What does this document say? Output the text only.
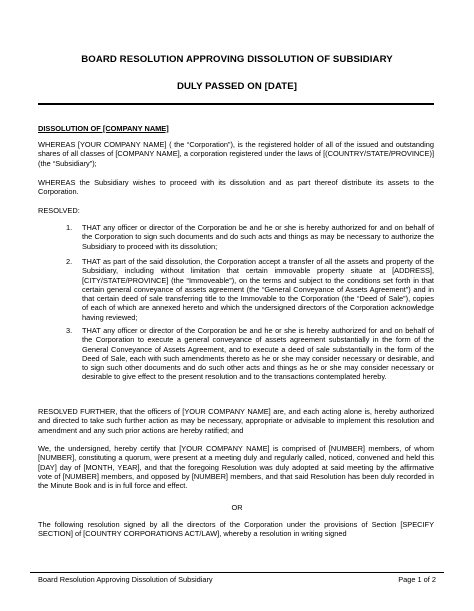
BOARD RESOLUTION APPROVING DISSOLUTION OF SUBSIDIARY
DULY PASSED ON [DATE]
DISSOLUTION OF [COMPANY NAME]

WHEREAS [YOUR COMPANY NAME] ( the “Corporation”), is the registered holder of all of the issued and outstanding shares of all classes of [COMPANY NAME], a corporation registered under the laws of [(COUNTRY/STATE/PROVINCE)] (the “Subsidiary”);

WHEREAS the Subsidiary wishes to proceed with its dissolution and as part thereof distribute its assets to the Corporation.

RESOLVED:
1. THAT any officer or director of the Corporation be and he or she is hereby authorized for and on behalf of the Corporation to sign such documents and do such acts and things as may be necessary to authorize the Subsidiary to proceed with its dissolution;
2. THAT as part of the said dissolution, the Corporation accept a transfer of all the assets and property of the Subsidiary, including without limitation that certain immovable property situate at [ADDRESS], [CITY/STATE/PROVINCE] (the “Immoveable”), on the terms and subject to the conditions set forth in that certain general conveyance of assets agreement (the “General Conveyance of Assets Agreement”) and in that certain deed of sale transferring title to the Immovable to the Corporation (the “Deed of Sale”), copies of each of which are annexed hereto and which the undersigned directors of the Corporation acknowledge having reviewed;
3. THAT any officer or director of the Corporation be and he or she is hereby authorized for and on behalf of the Corporation to execute a general conveyance of assets agreement substantially in the form of the General Conveyance of Assets Agreement, and to execute a deed of sale substantially in the form of the Deed of Sale, each with such amendments thereto as he or she may consider necessary or desirable, and to sign such other documents and do such other acts and things as he or she may consider necessary or desirable to give effect to the present resolution and to the transactions contemplated hereby.

RESOLVED FURTHER, that the officers of [YOUR COMPANY NAME] are, and each acting alone is, hereby authorized and directed to take such further action as may be necessary, appropriate or advisable to implement this resolution and amendment and any such prior actions are hereby ratified; and

We, the undersigned, hereby certify that [YOUR COMPANY NAME] is comprised of [NUMBER] members, of whom [NUMBER], constituting a quorum, were present at a meeting duly and regularly called, noticed, convened and held this [DAY] day of [MONTH, YEAR], and that the foregoing Resolution was duly adopted at said meeting by the affirmative vote of [NUMBER] members, and opposed by [NUMBER] members, and that said Resolution has been duly recorded in the Minute Book and is in full force and effect.

OR

The following resolution signed by all the directors of the Corporation under the provisions of Section [SPECIFY SECTION] of [COUNTRY CORPORATIONS ACT/LAW], whereby a resolution in writing signed

Board Resolution Approving Dissolution of Subsidiary	Page 1 of 2
